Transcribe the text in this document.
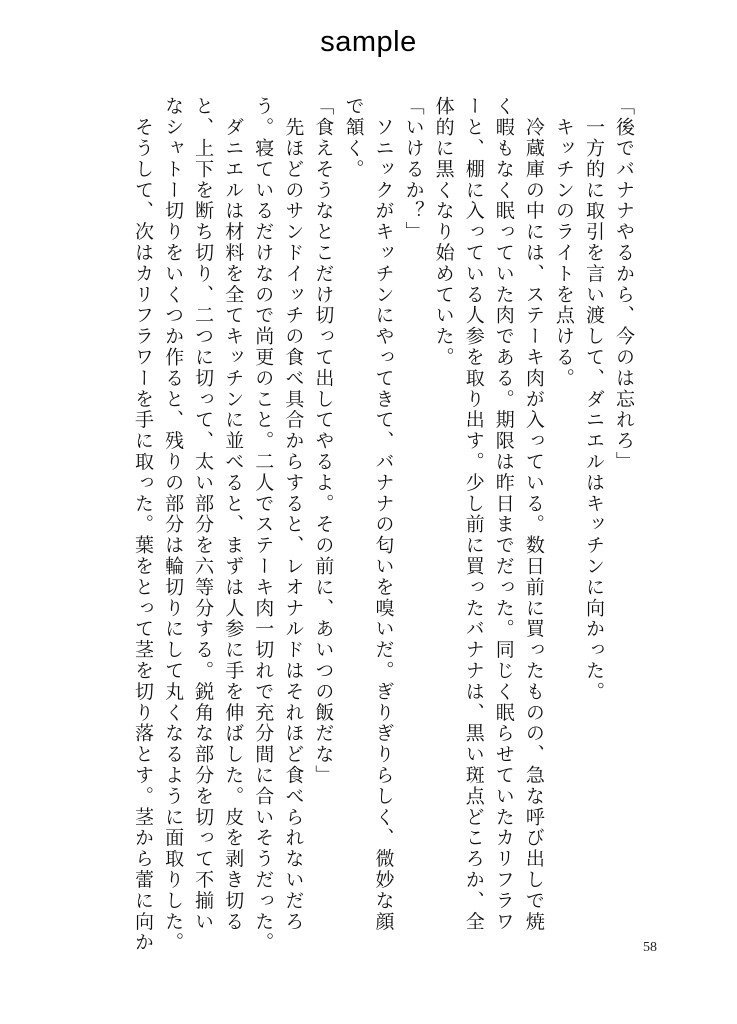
sample
「後でバナナやるから、今のは忘れろ」
　一方的に取引を言い渡して、ダニエルはキッチンに向かった。
　キッチンのライトを点ける。
　冷蔵庫の中には、ステーキ肉が入っている。数日前に買ったものの、急な呼び出しで焼
く暇もなく眠っていた肉である。期限は昨日までだった。同じく眠らせていたカリフラワ
ーと、棚に入っている人参を取り出す。少し前に買ったバナナは、黒い斑点どころか、全
体的に黒くなり始めていた。
「いけるか？」
　ソニックがキッチンにやってきて、バナナの匂いを嗅いだ。ぎりぎりらしく、微妙な顔
で頷く。
「食えそうなとこだけ切って出してやるよ。その前に、あいつの飯だな」
　先ほどのサンドイッチの食べ具合からすると、レオナルドはそれほど食べられないだろ
う。寝ているだけなので尚更のこと。二人でステーキ肉一切れで充分間に合いそうだった。
　ダニエルは材料を全てキッチンに並べると、まずは人参に手を伸ばした。皮を剥き切る
と、上下を断ち切り、二つに切って、太い部分を六等分する。鋭角な部分を切って不揃い
なシャトー切りをいくつか作ると、残りの部分は輪切りにして丸くなるように面取りした。
　そうして、次はカリフラワーを手に取った。葉をとって茎を切り落とす。茎から蕾に向か	58
